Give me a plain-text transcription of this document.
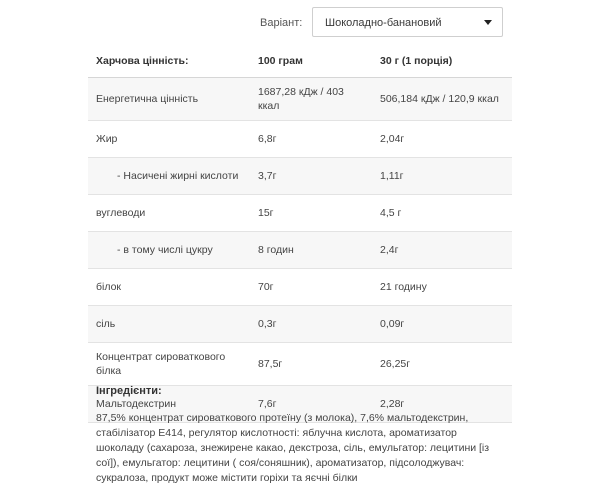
Варіант: Шоколадно-банановий
Харчова цінність:	100 грам	30 г (1 порція)
Енергетична цінність	1687,28 кДж / 403 ккал	506,184 кДж / 120,9 ккал
Жир	6,8г	2,04г
- Насичені жирні кислоти	3,7г	1,11г
вуглеводи	15г	4,5 г
- в тому числі цукру	8 годин	2,4г
білок	70г	21 годину
сіль	0,3г	0,09г
Концентрат сироваткового білка	87,5г	26,25г
Мальтодекстрин	7,6г	2,28г
Інгредієнти:
87,5% концентрат сироваткового протеїну (з молока), 7,6% мальтодекстрин, стабілізатор Е414, регулятор кислотності: яблучна кислота, ароматизатор шоколаду (сахароза, знежирене какао, декстроза, сіль, емульгатор: лецитини [із сої]), емульгатор: лецитини ( соя/соняшник), ароматизатор, підсолоджувач: сукралоза, продукт може містити горіхи та яєчні білки
